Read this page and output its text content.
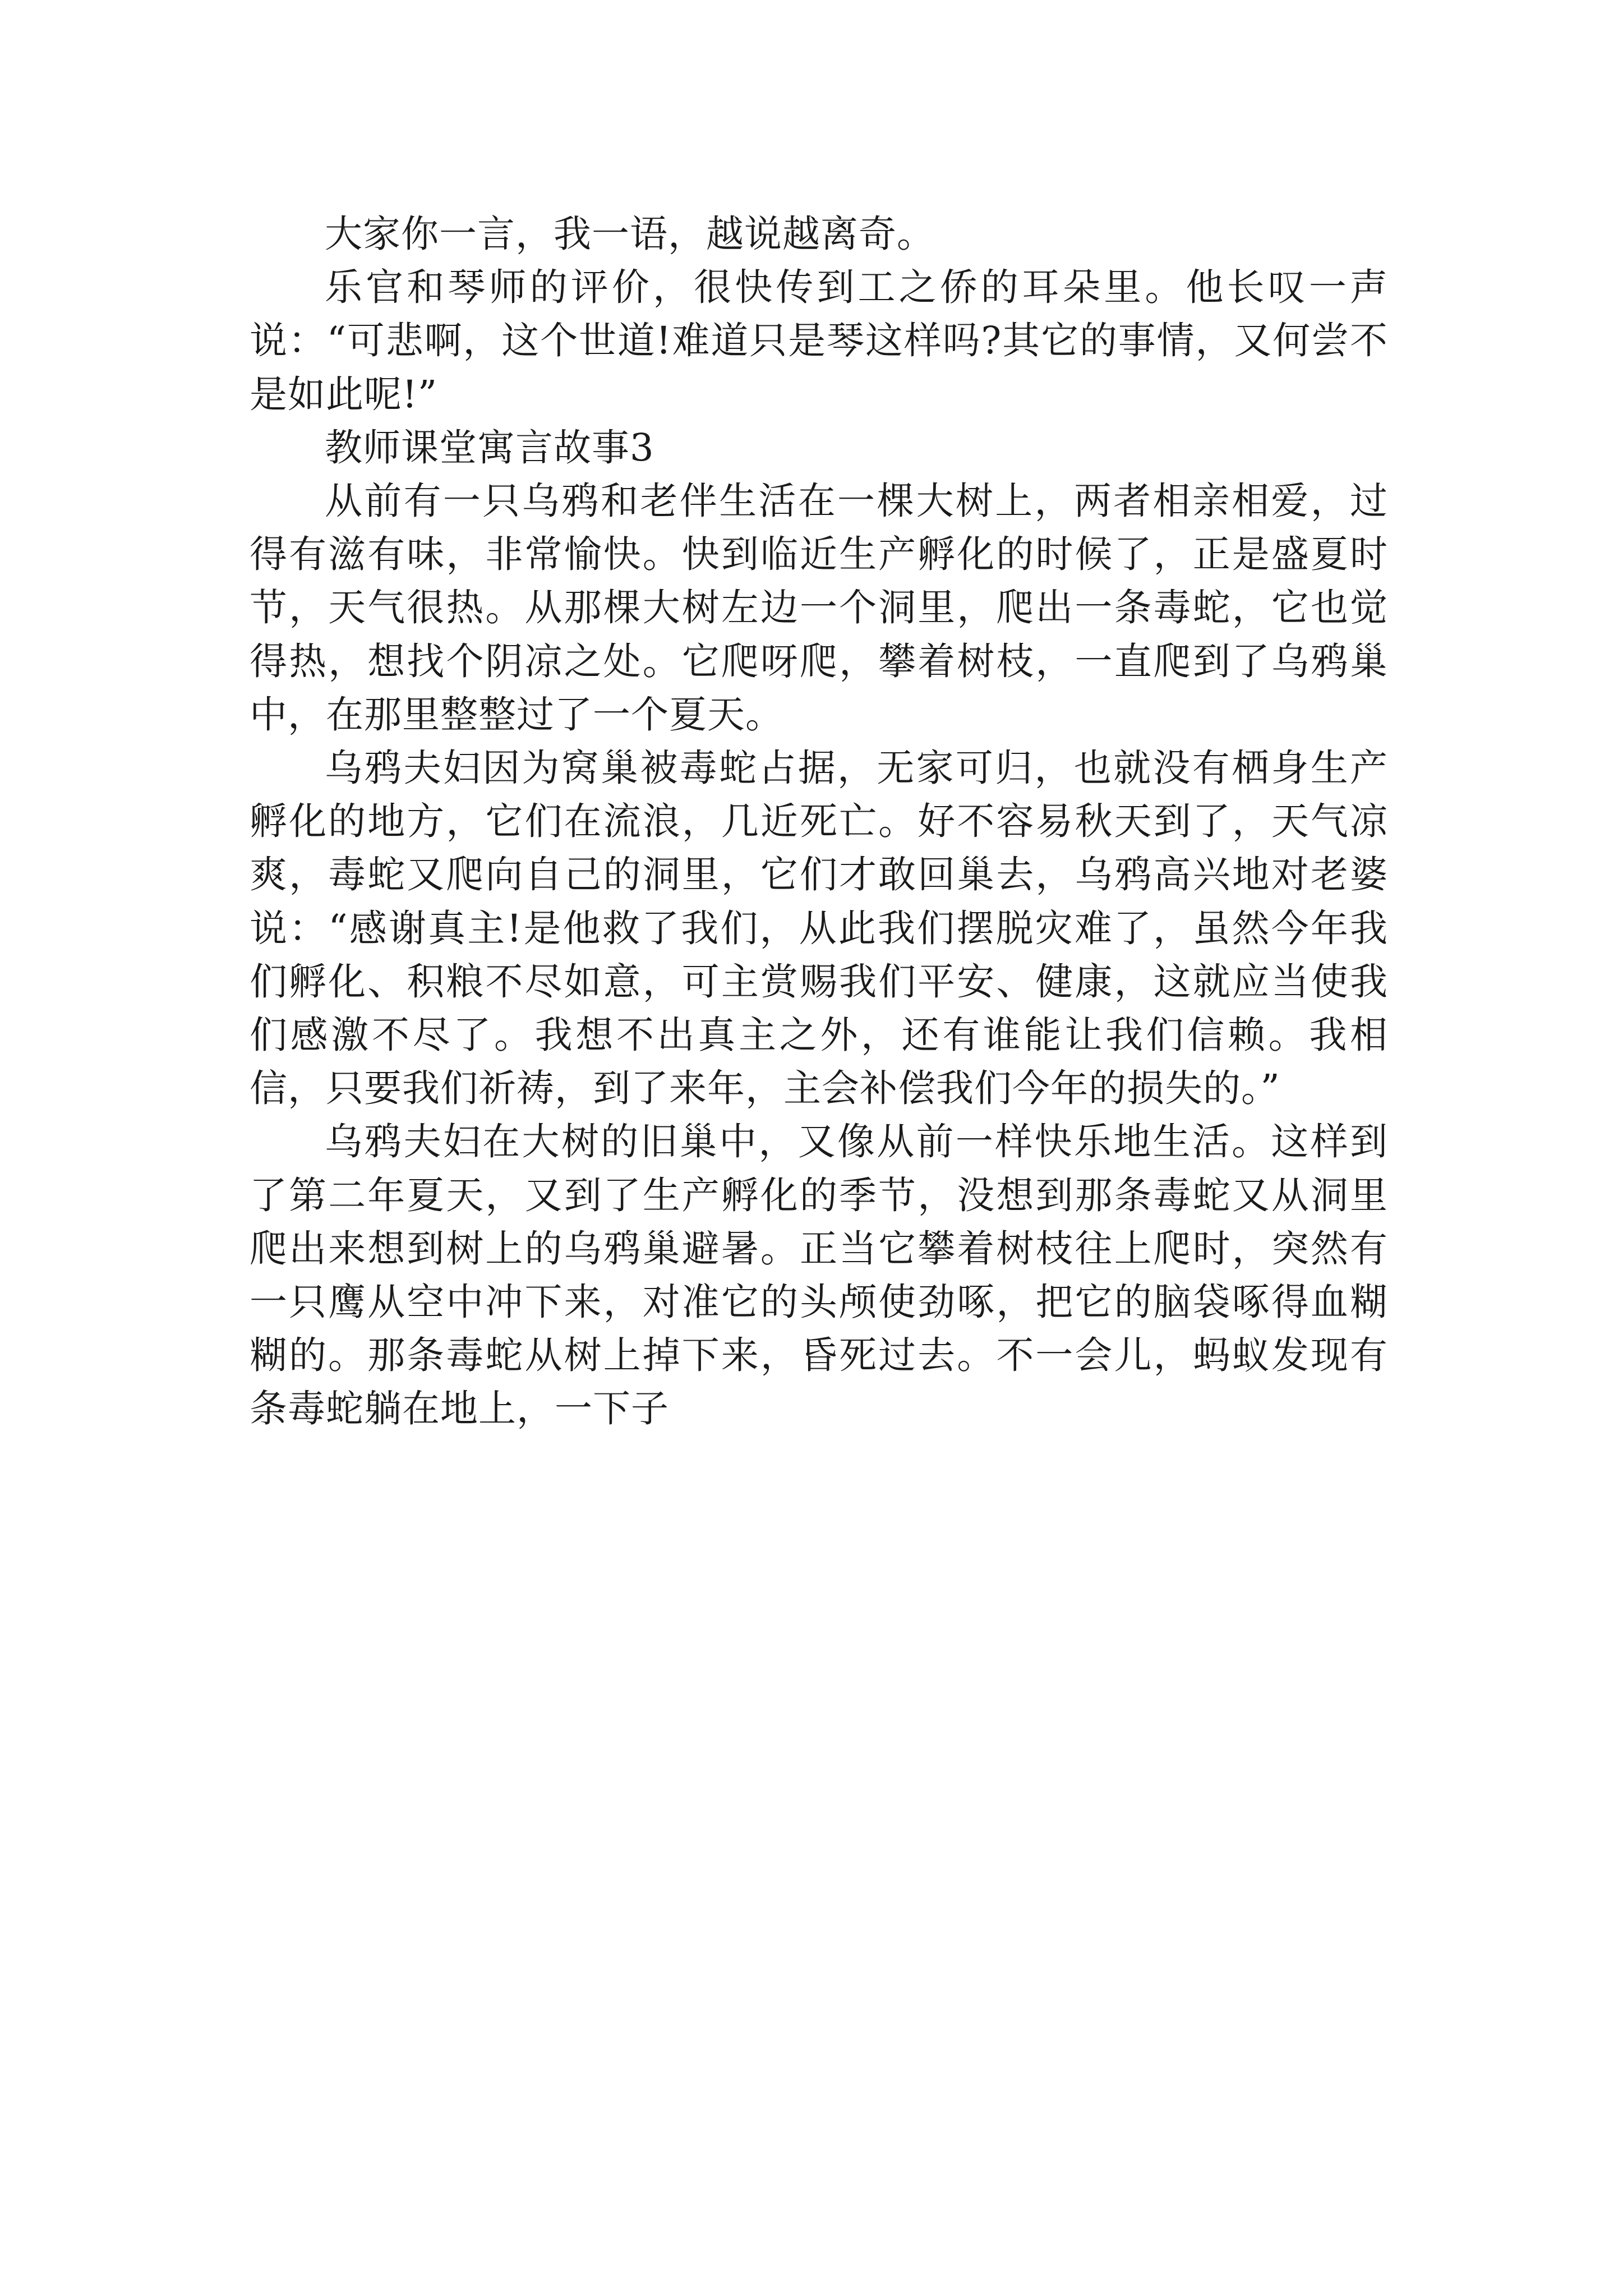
大家你一言，我一语，越说越离奇。

乐官和琴师的评价，很快传到工之侨的耳朵里。他长叹一声说：“可悲啊，这个世道!难道只是琴这样吗?其它的事情，又何尝不是如此呢!”

教师课堂寓言故事3

从前有一只乌鸦和老伴生活在一棵大树上，两者相亲相爱，过得有滋有味，非常愉快。快到临近生产孵化的时候了，正是盛夏时节，天气很热。从那棵大树左边一个洞里，爬出一条毒蛇，它也觉得热，想找个阴凉之处。它爬呀爬，攀着树枝，一直爬到了乌鸦巢中，在那里整整过了一个夏天。

乌鸦夫妇因为窝巢被毒蛇占据，无家可归，也就没有栖身生产孵化的地方，它们在流浪，几近死亡。好不容易秋天到了，天气凉爽，毒蛇又爬向自己的洞里，它们才敢回巢去，乌鸦高兴地对老婆说：“感谢真主!是他救了我们，从此我们摆脱灾难了，虽然今年我们孵化、积粮不尽如意，可主赏赐我们平安、健康，这就应当使我们感激不尽了。我想不出真主之外，还有谁能让我们信赖。我相信，只要我们祈祷，到了来年，主会补偿我们今年的损失的。”

乌鸦夫妇在大树的旧巢中，又像从前一样快乐地生活。这样到了第二年夏天，又到了生产孵化的季节，没想到那条毒蛇又从洞里爬出来想到树上的乌鸦巢避暑。正当它攀着树枝往上爬时，突然有一只鹰从空中冲下来，对准它的头颅使劲啄，把它的脑袋啄得血糊糊的。那条毒蛇从树上掉下来，昏死过去。不一会儿，蚂蚁发现有条毒蛇躺在地上，一下子
